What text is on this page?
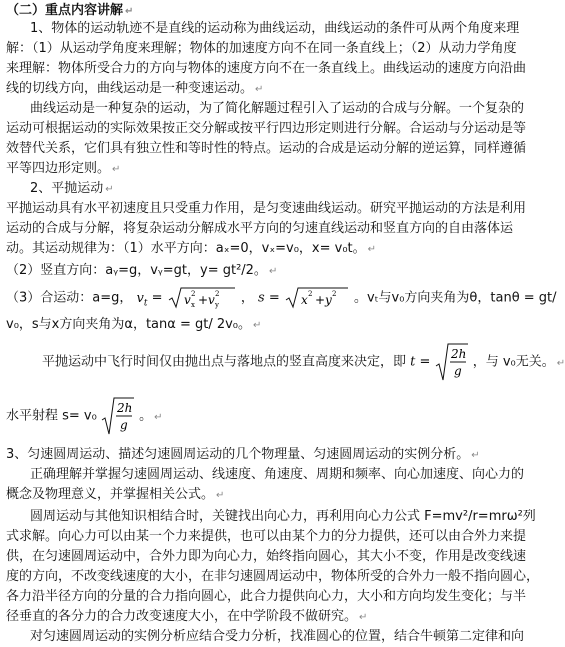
（二）重点内容讲解 ↵
1、物体的运动轨迹不是直线的运动称为曲线运动，曲线运动的条件可从两个角度来理
解：（1）从运动学角度来理解；物体的加速度方向不在同一条直线上；（2）从动力学角度
来理解：物体所受合力的方向与物体的速度方向不在一条直线上。曲线运动的速度方向沿曲
线的切线方向，曲线运动是一种变速运动。 ↵
曲线运动是一种复杂的运动，为了简化解题过程引入了运动的合成与分解。一个复杂的
运动可根据运动的实际效果按正交分解或按平行四边形定则进行分解。合运动与分运动是等
效替代关系，它们具有独立性和等时性的特点。运动的合成是运动分解的逆运算，同样遵循
平等四边形定则。 ↵
2、平抛运动 ↵
平抛运动具有水平初速度且只受重力作用，是匀变速曲线运动。研究平抛运动的方法是利用
运动的合成与分解，将复杂运动分解成水平方向的匀速直线运动和竖直方向的自由落体运
动。其运动规律为：（1）水平方向：aₓ=0，vₓ=v₀，x= v₀t。 ↵
（2）竖直方向：aᵧ=g，vᵧ=gt，y= gt²/2。 ↵
（3）合运动：a=g， $v_t = v$ x
2 + v y
2 ， s = x 2 + y 2 。vₜ与v₀方向夹角为θ，tanθ = gt/
v₀，s与x方向夹角为α，tanα = gt/ 2v₀。 ↵
平抛运动中飞行时间仅由抛出点与落地点的竖直高度来决定，即 t =
2h
g
，与 v₀无关。 ↵
水平射程 s= v₀
2h
g
。 ↵
3、匀速圆周运动、描述匀速圆周运动的几个物理量、匀速圆周运动的实例分析。 ↵
正确理解并掌握匀速圆周运动、线速度、角速度、周期和频率、向心加速度、向心力的
概念及物理意义，并掌握相关公式。 ↵
圆周运动与其他知识相结合时，关键找出向心力，再利用向心力公式 F=mv²/r=mrω²列
式求解。向心力可以由某一个力来提供，也可以由某个力的分力提供，还可以由合外力来提
供，在匀速圆周运动中，合外力即为向心力，始终指向圆心，其大小不变，作用是改变线速
度的方向，不改变线速度的大小，在非匀速圆周运动中，物体所受的合外力一般不指向圆心，
各力沿半径方向的分量的合力指向圆心，此合力提供向心力，大小和方向均发生变化；与半
径垂直的各分力的合力改变速度大小，在中学阶段不做研究。 ↵
对匀速圆周运动的实例分析应结合受力分析，找准圆心的位置，结合牛顿第二定律和向
